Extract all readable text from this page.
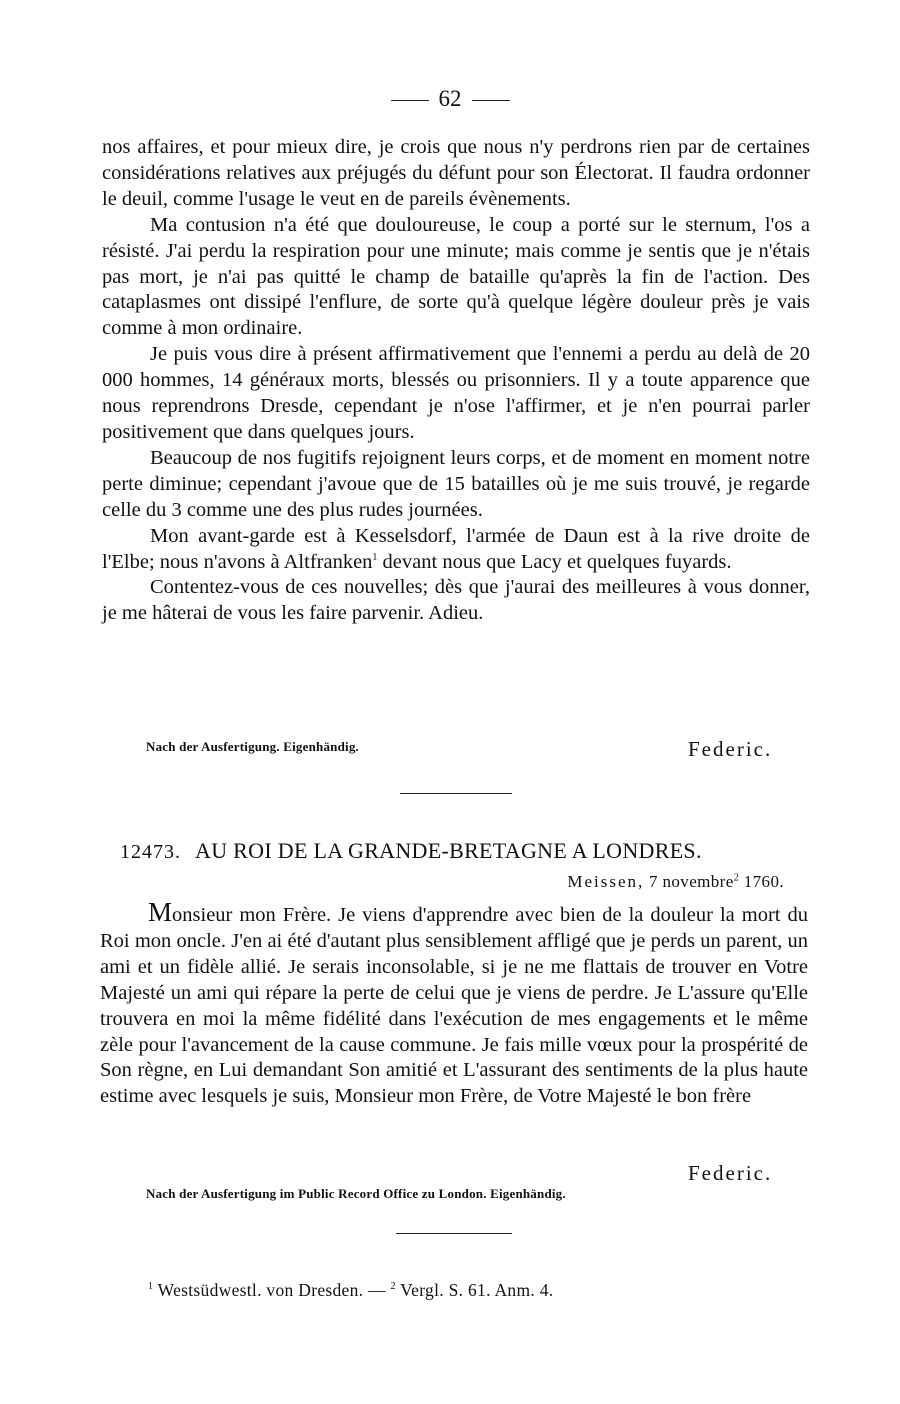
62

nos affaires, et pour mieux dire, je crois que nous n'y perdrons rien par de certaines considérations relatives aux préjugés du défunt pour son Électorat. Il faudra ordonner le deuil, comme l'usage le veut en de pareils évènements.

Ma contusion n'a été que douloureuse, le coup a porté sur le sternum, l'os a résisté. J'ai perdu la respiration pour une minute; mais comme je sentis que je n'étais pas mort, je n'ai pas quitté le champ de bataille qu'après la fin de l'action. Des cataplasmes ont dissipé l'enflure, de sorte qu'à quelque légère douleur près je vais comme à mon ordinaire.

Je puis vous dire à présent affirmativement que l'ennemi a perdu au delà de 20 000 hommes, 14 généraux morts, blessés ou prisonniers. Il y a toute apparence que nous reprendrons Dresde, cependant je n'ose l'affirmer, et je n'en pourrai parler positivement que dans quelques jours.

Beaucoup de nos fugitifs rejoignent leurs corps, et de moment en moment notre perte diminue; cependant j'avoue que de 15 batailles où je me suis trouvé, je regarde celle du 3 comme une des plus rudes journées.

Mon avant-garde est à Kesselsdorf, l'armée de Daun est à la rive droite de l'Elbe; nous n'avons à Altfranken$^1$ devant nous que Lacy et quelques fuyards.

Contentez-vous de ces nouvelles; dès que j'aurai des meilleures à vous donner, je me hâterai de vous les faire parvenir. Adieu.

Nach der Ausfertigung. Eigenhändig.	Federic.
12473. AU ROI DE LA GRANDE-BRETAGNE A LONDRES.
Meissen, 7 novembre$^2$ 1760.

Monsieur mon Frère. Je viens d'apprendre avec bien de la douleur la mort du Roi mon oncle. J'en ai été d'autant plus sensiblement affligé que je perds un parent, un ami et un fidèle allié. Je serais inconsolable, si je ne me flattais de trouver en Votre Majesté un ami qui répare la perte de celui que je viens de perdre. Je L'assure qu'Elle trouvera en moi la même fidélité dans l'exécution de mes engagements et le même zèle pour l'avancement de la cause commune. Je fais mille vœux pour la prospérité de Son règne, en Lui demandant Son amitié et L'assurant des sentiments de la plus haute estime avec lesquels je suis, Monsieur mon Frère, de Votre Majesté le bon frère

Federic.
Nach der Ausfertigung im Public Record Office zu London. Eigenhändig.
$^1$ Westsüdwestl. von Dresden. — $^2$ Vergl. S. 61. Anm. 4.
